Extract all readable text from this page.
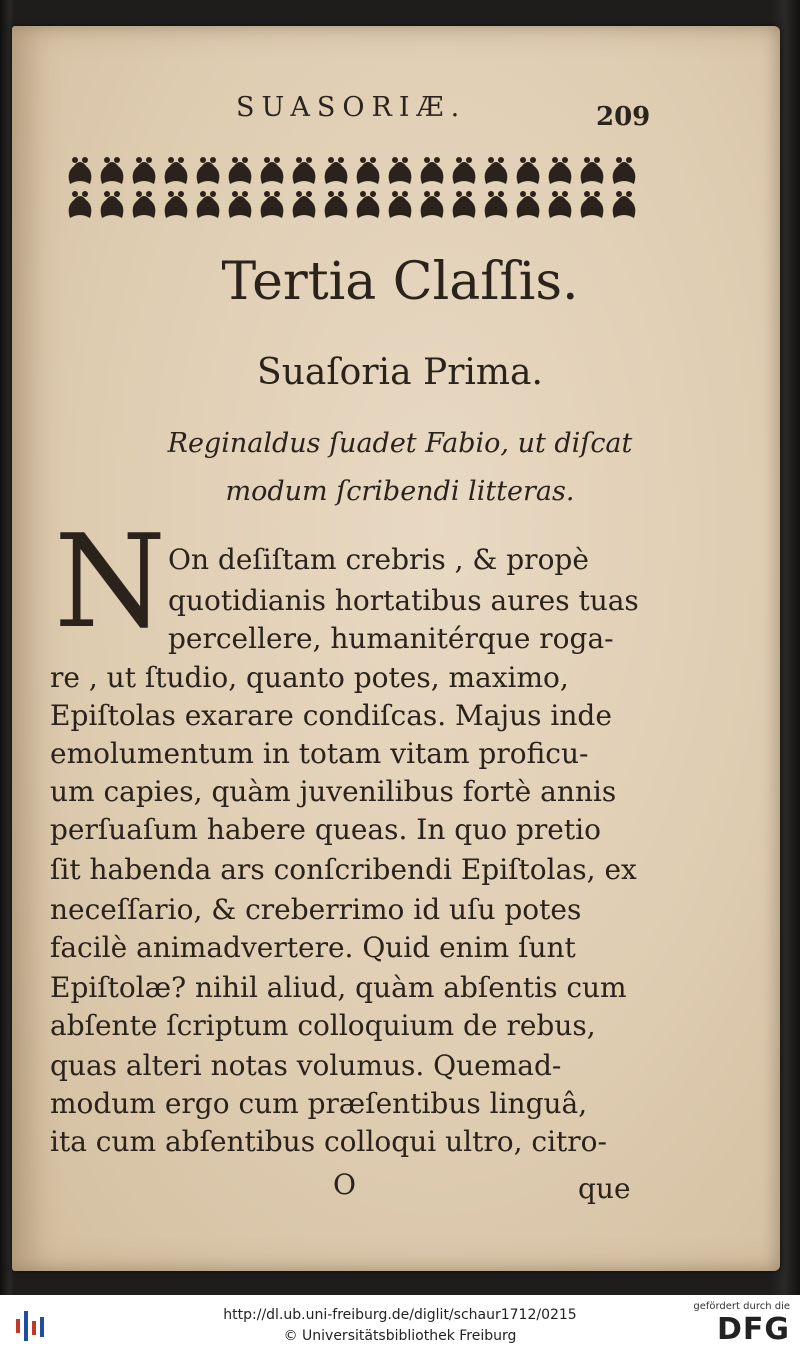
SUASORIÆ.	209
Tertia Claſſis.
Suaſoria Prima.
Reginaldus ſuadet Fabio, ut diſcat
modum ſcribendi litteras.
N On deſiſtam crebris , & propè
quotidianis hortatibus aures tuas
percellere, humanitérque roga-
re , ut ſtudio, quanto potes, maximo,
Epiſtolas exarare condiſcas. Majus inde
emolumentum in totam vitam proficu-
um capies, quàm juvenilibus fortè annis
perſuaſum habere queas. In quo pretio
ſit habenda ars conſcribendi Epiſtolas, ex
neceſſario, & creberrimo id uſu potes
facilè animadvertere. Quid enim ſunt
Epiſtolæ? nihil aliud, quàm abſentis cum
abſente ſcriptum colloquium de rebus,
quas alteri notas volumus. Quemad-
modum ergo cum præſentibus linguâ,
ita cum abſentibus colloqui ultro, citro-
O	que
http://dl.ub.uni-freiburg.de/diglit/schaur1712/0215
© Universitätsbibliothek Freiburg
gefördert durch die
DFG
